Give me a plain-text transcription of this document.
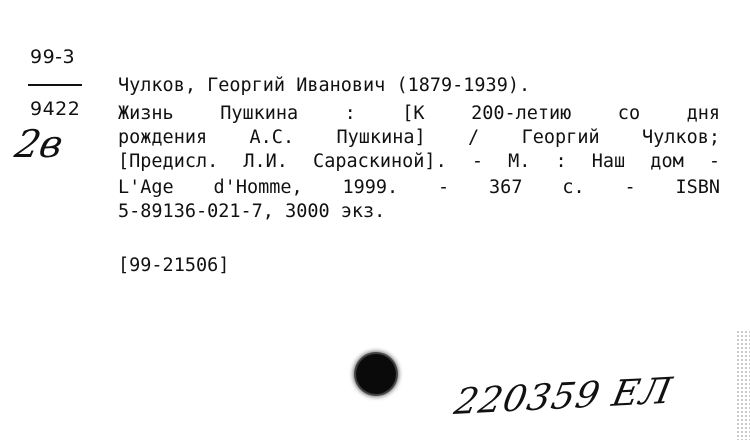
99-3
9422
2в
Чулков, Георгий Иванович (1879-1939).
Жизнь Пушкина : [К 200-летию со дня
рождения А.С. Пушкина] / Георгий Чулков;
[Предисл. Л.И. Сараскиной]. - М. : Наш дом -
L'Age d'Homme, 1999. - 367 с. - ISBN
5-89136-021-7, 3000 экз.
[99-21506]
220359 ЕЛ
